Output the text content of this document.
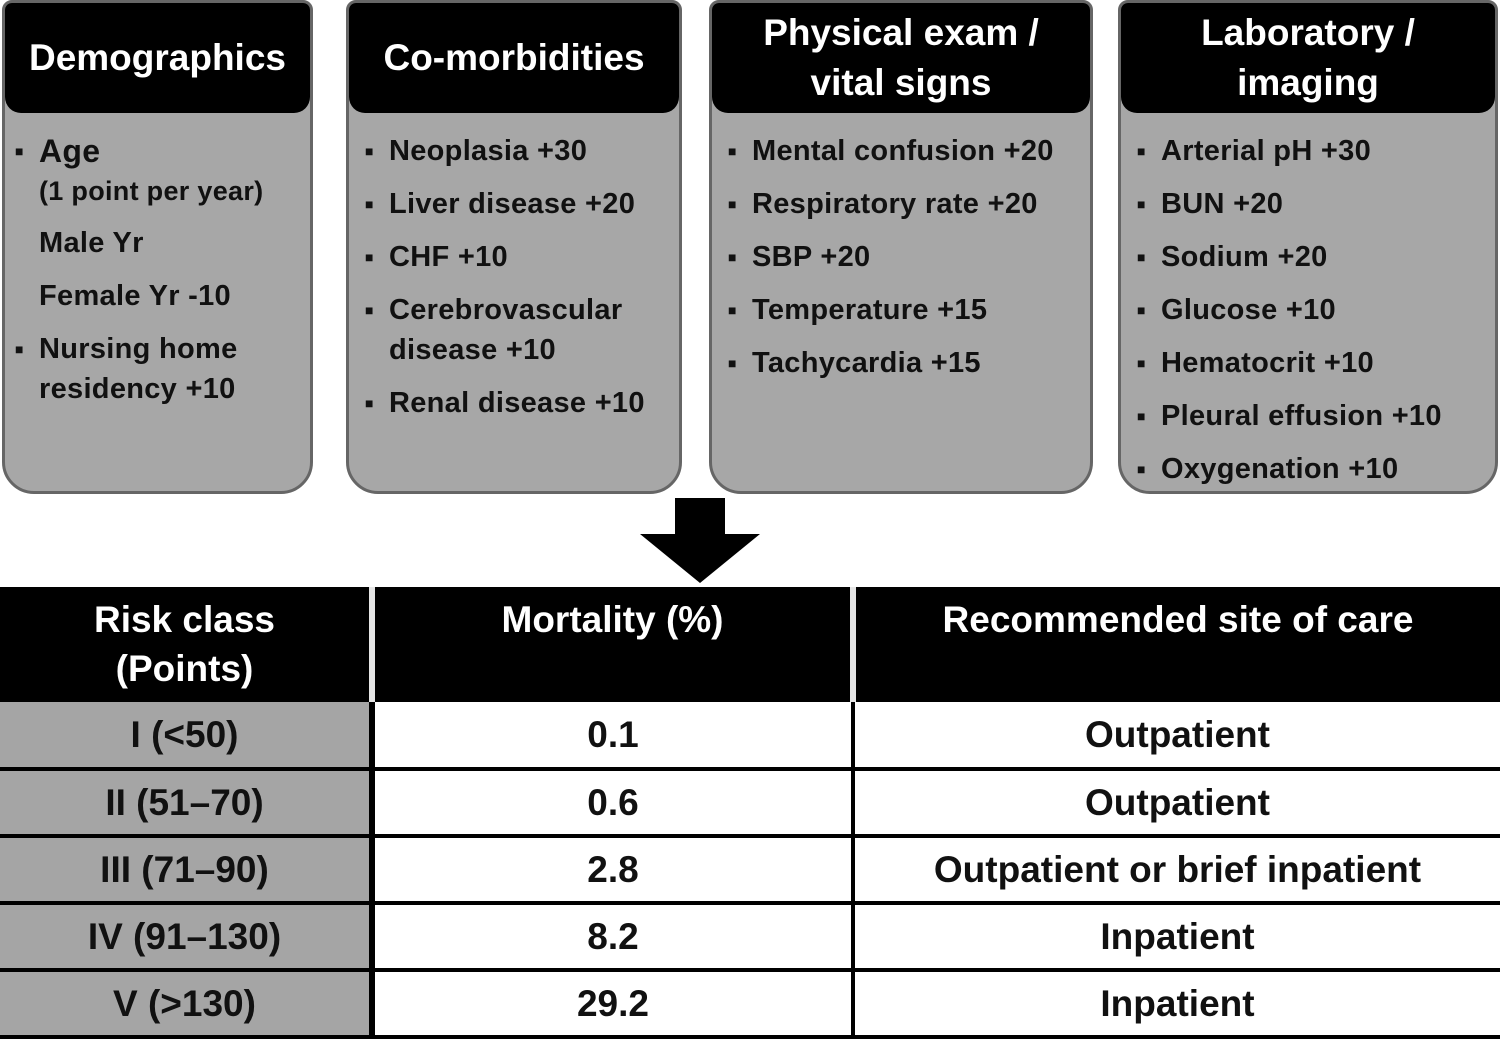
Demographics
■ Age
(1 point per year)
Male Yr
Female Yr -10
■ Nursing home residency +10
Co-morbidities
■ Neoplasia +30
■ Liver disease +20
■ CHF +10
■ Cerebrovascular disease +10
■ Renal disease +10
Physical exam /
vital signs
■ Mental confusion +20
■ Respiratory rate +20
■ SBP +20
■ Temperature +15
■ Tachycardia +15
Laboratory /
imaging
■ Arterial pH +30
■ BUN +20
■ Sodium +20
■ Glucose +10
■ Hematocrit +10
■ Pleural effusion +10
■ Oxygenation +10
Risk class
(Points)	Mortality (%)	Recommended site of care
I (<50)	0.1	Outpatient
II (51–70)	0.6	Outpatient
III (71–90)	2.8	Outpatient or brief inpatient
IV (91–130)	8.2	Inpatient
V (>130)	29.2	Inpatient
